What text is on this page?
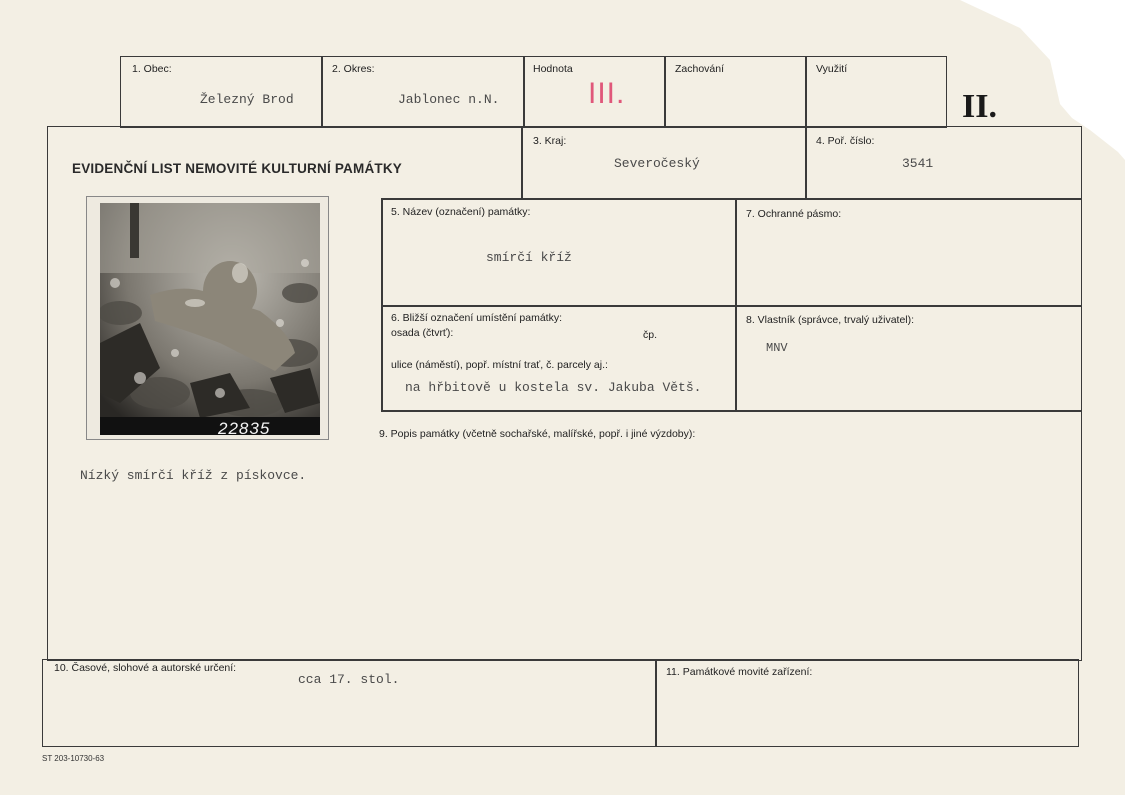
1. Obec:
Železný Brod
2. Okres:
Jablonec n.N.
Hodnota
III.
Zachování	Využití
II.
EVIDENČNÍ LIST NEMOVITÉ KULTURNÍ PAMÁTKY
3. Kraj:
Severočeský
4. Poř. číslo:
3541
5. Název (označení) památky:
smírčí kříž
7. Ochranné pásmo:
6. Bližší označení umístění památky:
osada (čtvrť):	čp.
ulice (náměstí), popř. místní trať, č. parcely aj.:
na hřbitově u kostela sv. Jakuba Větš.
8. Vlastník (správce, trvalý uživatel):
MNV
9. Popis památky (včetně sochařské, malířské, popř. i jiné výzdoby):
Nízký smírčí kříž z pískovce.
22835
10. Časové, slohové a autorské určení:
cca 17. stol.	11. Památkové movité zařízení:
ST 203-10730-63
